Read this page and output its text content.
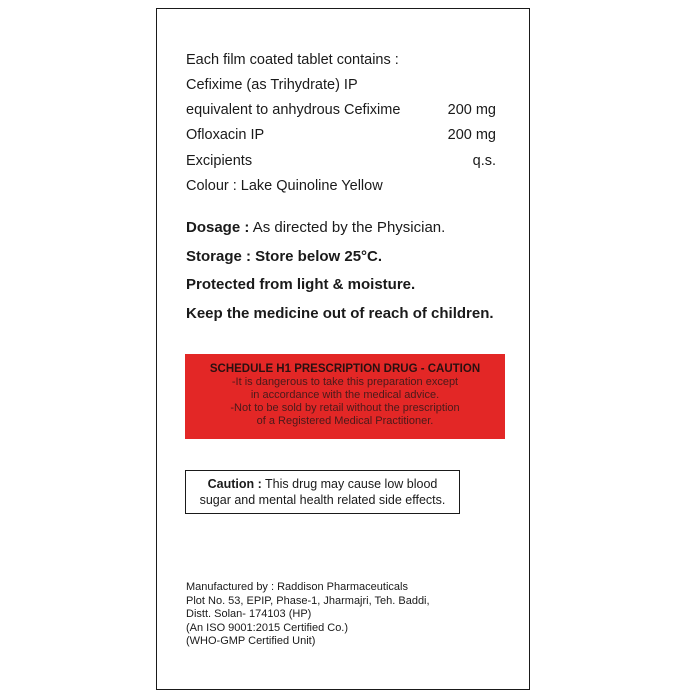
Each film coated tablet contains :
Cefixime (as Trihydrate) IP
equivalent to anhydrous Cefixime	200 mg
Ofloxacin IP	200 mg
Excipients	q.s.
Colour : Lake Quinoline Yellow
Dosage : As directed by the Physician.
Storage : Store below 25°C.
Protected from light & moisture.
Keep the medicine out of reach of children.
SCHEDULE H1 PRESCRIPTION DRUG - CAUTION
-It is dangerous to take this preparation except
in accordance with the medical advice.
-Not to be sold by retail without the prescription
of a Registered Medical Practitioner.
Caution : This drug may cause low blood
sugar and mental health related side effects.
Manufactured by : Raddison Pharmaceuticals
Plot No. 53, EPIP, Phase-1, Jharmajri, Teh. Baddi,
Distt. Solan- 174103 (HP)
(An ISO 9001:2015 Certified Co.)
(WHO-GMP Certified Unit)
